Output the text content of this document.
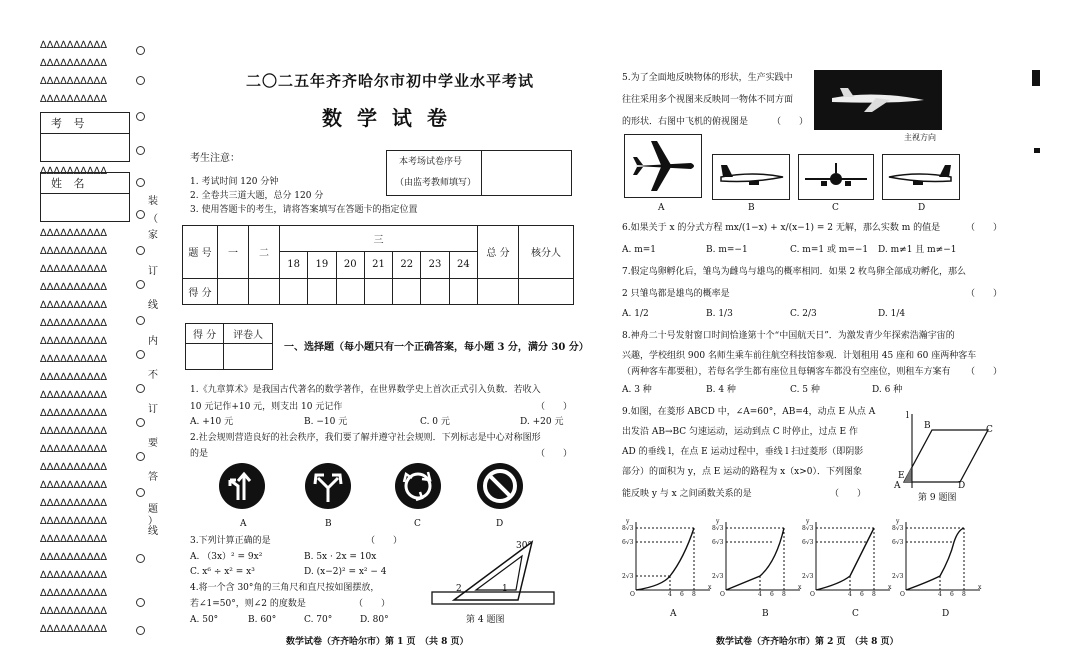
∆∆∆∆∆∆∆∆∆∆
∆∆∆∆∆∆∆∆∆∆
∆∆∆∆∆∆∆∆∆∆
∆∆∆∆∆∆∆∆∆∆
考 号
∆∆∆∆∆∆∆∆∆∆
姓 名
∆∆∆∆∆∆∆∆∆∆
∆∆∆∆∆∆∆∆∆∆
∆∆∆∆∆∆∆∆∆∆
∆∆∆∆∆∆∆∆∆∆
∆∆∆∆∆∆∆∆∆∆
∆∆∆∆∆∆∆∆∆∆
∆∆∆∆∆∆∆∆∆∆
∆∆∆∆∆∆∆∆∆∆
∆∆∆∆∆∆∆∆∆∆
∆∆∆∆∆∆∆∆∆∆
∆∆∆∆∆∆∆∆∆∆
∆∆∆∆∆∆∆∆∆∆
∆∆∆∆∆∆∆∆∆∆
∆∆∆∆∆∆∆∆∆∆
∆∆∆∆∆∆∆∆∆∆
∆∆∆∆∆∆∆∆∆∆
∆∆∆∆∆∆∆∆∆∆
∆∆∆∆∆∆∆∆∆∆
∆∆∆∆∆∆∆∆∆∆
∆∆∆∆∆∆∆∆∆∆
∆∆∆∆∆∆∆∆∆∆
∆∆∆∆∆∆∆∆∆∆
∆∆∆∆∆∆∆∆∆∆
装
（
家
订
线
内
不
订
要
答
题
）
线
二〇二五年齐齐哈尔市初中学业水平考试
数 学 试 卷
考生注意：
1. 考试时间 120 分钟
2. 全卷共三道大题，总分 120 分
3. 使用答题卡的考生，请将答案填写在答题卡的指定位置
本考场试卷序号
（由监考教师填写）
题 号	一	二	三							总 分	核分人
			18	19	20	21	22	23	24		
得 分											
得 分	评卷人

一、选择题（每小题只有一个正确答案，每小题 3 分，满分 30 分）
1.《九章算术》是我国古代著名的数学著作，在世界数学史上首次正式引入负数．若收入
10 元记作+10 元，则支出 10 元记作	（　　）
A. +10 元	B. −10 元	C. 0 元	D. +20 元
2.社会规则营造良好的社会秩序，我们要了解并遵守社会规则．下列标志是中心对称图形
的是	（　　）
A	B	C	D
3.下列计算正确的是	（　　）
A. （3x）² = 9x²	B. 5x · 2x = 10x
C. x⁶ ÷ x² = x³	D. (x−2)² = x² − 4
4.将一个含 30°角的三角尺和直尺按如图摆放，
若∠1=50°，则∠2 的度数是	（　　）
A. 50°	B. 60°	C. 70°	D. 80°
30°
2	1
第 4 题图
数学试卷（齐齐哈尔市）第 1 页　（共 8 页）
5.为了全面地反映物体的形状，生产实践中
往往采用多个视图来反映同一物体不同方面
的形状．右图中飞机的俯视图是	（　　）
主视方向
A	B	C	D
6.如果关于 x 的分式方程 mx/(1−x) + x/(x−1) = 2 无解，那么实数 m 的值是	（　　）
A. m=1	B. m=−1	C. m=1 或 m=−1 D. m≠1 且 m≠−1
7.假定鸟卵孵化后，雏鸟为雌鸟与雄鸟的概率相同．如果 2 枚鸟卵全部成功孵化，那么
2 只雏鸟都是雄鸟的概率是	（　　）
A. 1/2	B. 1/3	C. 2/3	D. 1/4
8.神舟二十号发射窗口时间恰逢第十个“中国航天日”．为激发青少年探索浩瀚宇宙的
兴趣，学校组织 900 名师生乘车前往航空科技馆参观．计划租用 45 座和 60 座两种客车
（两种客车都要租），若每名学生都有座位且每辆客车都没有空座位，则租车方案有 （　　）
A. 3 种	B. 4 种	C. 5 种	D. 6 种
9.如图，在菱形 ABCD 中，∠A=60°，AB=4，动点 E 从点 A
出发沿 AB→BC 匀速运动，运动到点 C 时停止，过点 E 作
AD 的垂线 l，在点 E 运动过程中，垂线 l 扫过菱形（即阴影
部分）的面积为 y，点 E 运动的路程为 x（x>0）．下列图象
能反映 y 与 x 之间函数关系的是	（　　）
l
B	C
E
A	D
第 9 题图
y
8√3
6√3
2√3
O	4 6 8
x
y
8√3
6√3
2√3
O	4 6 8
x
y
8√3
6√3
2√3
O	4 6 8
x
y
8√3
6√3
2√3
O	4 6 8
x
A	B	C	D
数学试卷（齐齐哈尔市）第 2 页　（共 8 页）
